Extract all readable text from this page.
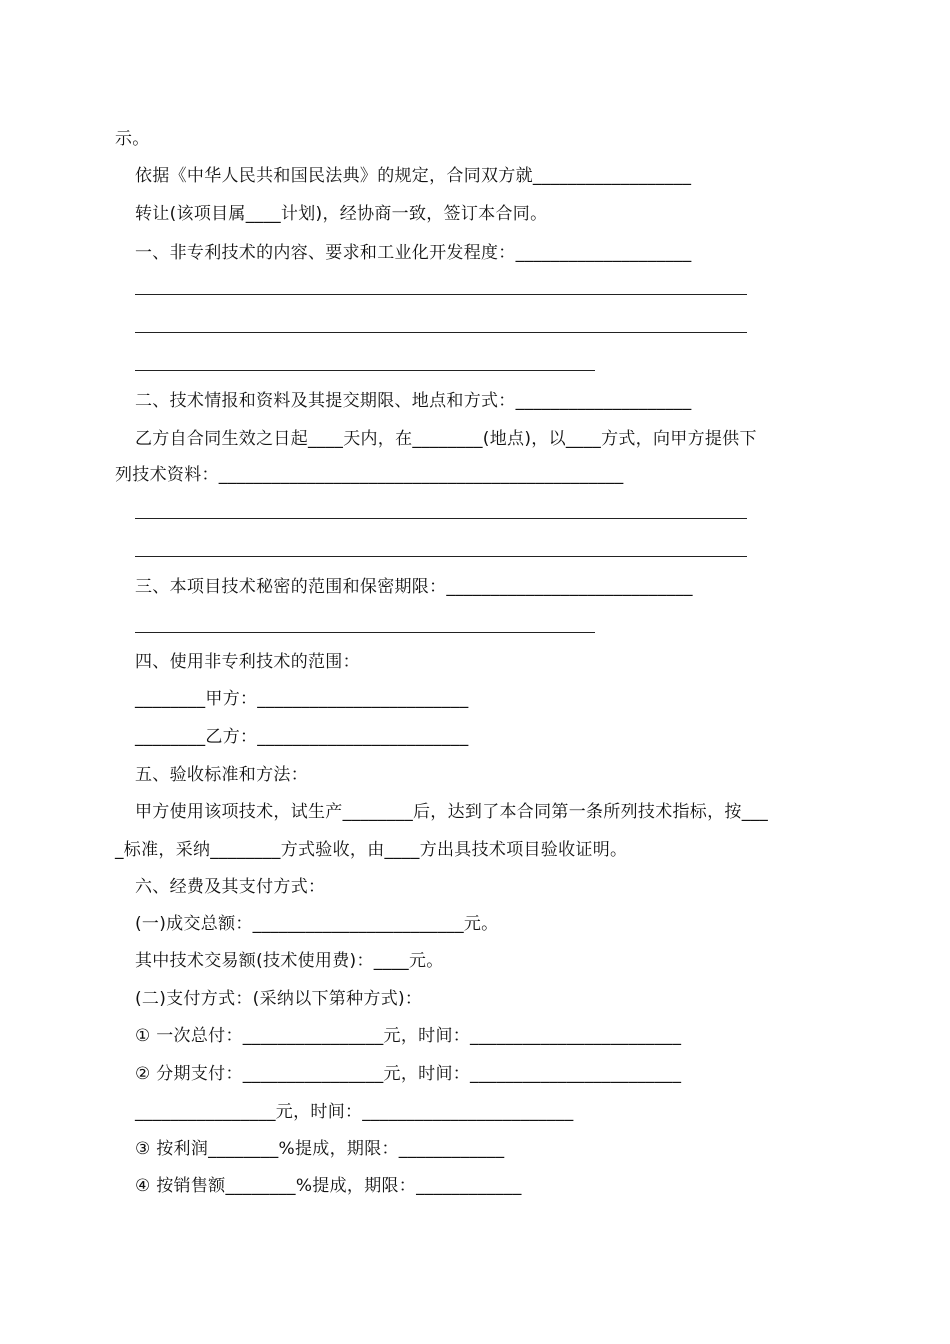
示。
依据《中华人民共和国民法典》的规定，合同双方就__________________
转让(该项目属____计划)，经协商一致，签订本合同。
一、非专利技术的内容、要求和工业化开发程度：____________________
二、技术情报和资料及其提交期限、地点和方式：____________________
乙方自合同生效之日起____天内，在________(地点)，以____方式，向甲方提供下
列技术资料：______________________________________________
三、本项目技术秘密的范围和保密期限：____________________________
四、使用非专利技术的范围：
________甲方：________________________
________乙方：________________________
五、验收标准和方法：
甲方使用该项技术，试生产________后，达到了本合同第一条所列技术指标，按___
_标准，采纳________方式验收，由____方出具技术项目验收证明。
六、经费及其支付方式：
(一)成交总额：________________________元。
其中技术交易额(技术使用费)：____元。
(二)支付方式：(采纳以下第种方式)：
① 一次总付：________________元，时间：________________________
② 分期支付：________________元，时间：________________________
________________元，时间：________________________
③ 按利润________%提成，期限：____________
④ 按销售额________%提成，期限：____________
